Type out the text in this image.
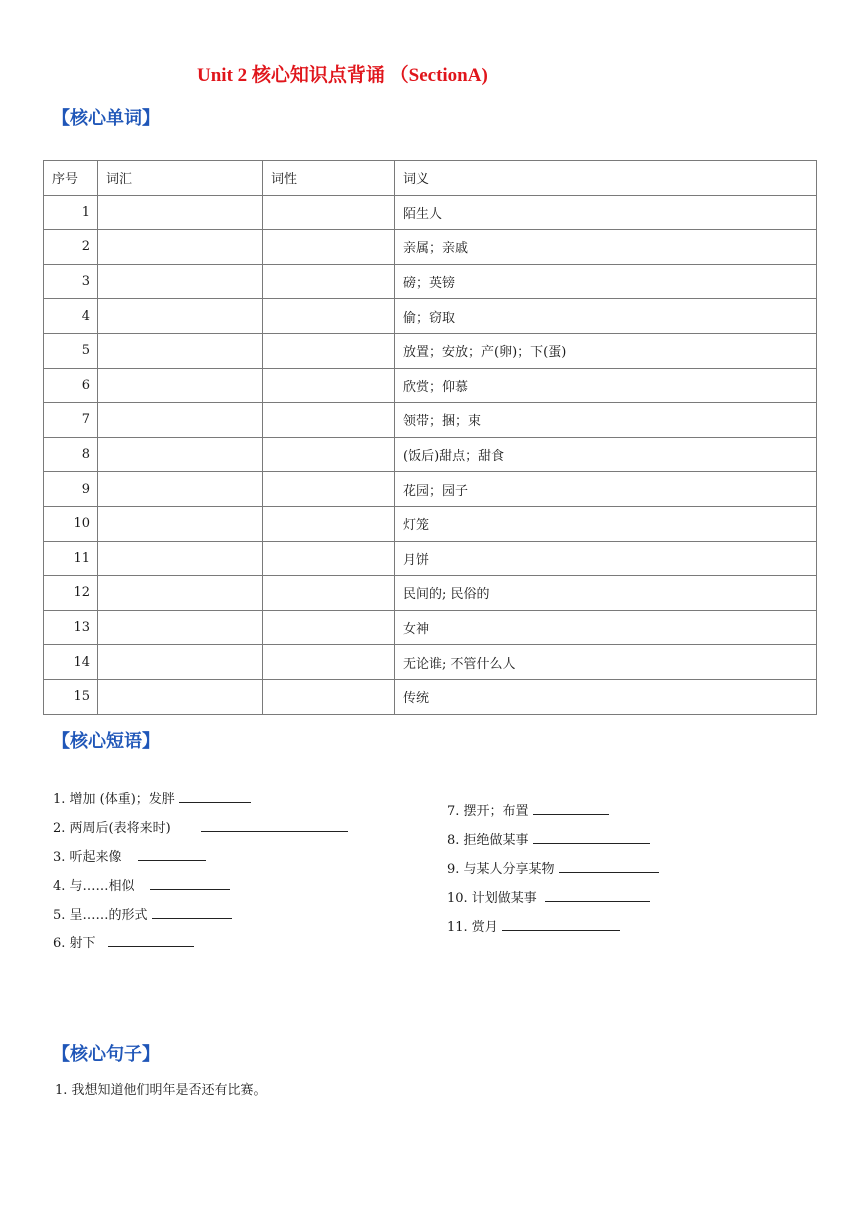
Unit 2 核心知识点背诵 （SectionA)
【核心单词】
序号	词汇	词性	词义
1			陌生人
2			亲属；亲戚
3			磅；英镑
4			偷；窃取
5			放置；安放；产(卵)；下(蛋)
6			欣赏；仰慕
7			领带；捆；束
8			(饭后)甜点；甜食
9			花园；园子
10			灯笼
11			月饼
12			民间的; 民俗的
13			女神
14			无论谁; 不管什么人
15			传统
【核心短语】
1. 增加 (体重)；发胖
2. 两周后(表将来时)
3. 听起来像
4. 与……相似
5. 呈……的形式
6. 射下
7. 摆开；布置
8. 拒绝做某事
9. 与某人分享某物
10. 计划做某事
11. 赏月
【核心句子】
1. 我想知道他们明年是否还有比赛。
